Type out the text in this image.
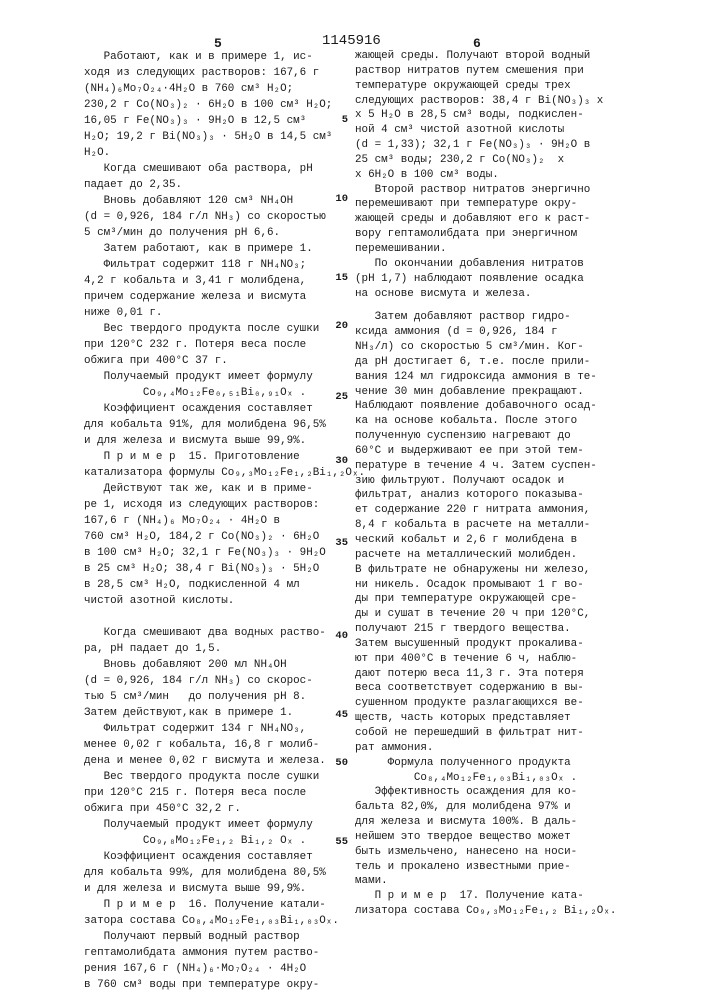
5	1145916	6
Работают, как и в примере 1, ис-
ходя из следующих растворов: 167,6 г
(NH₄)₆Mo₇O₂₄·4H₂O в 760 см³ H₂O;
230,2 г Co(NO₃)₂ · 6H₂O в 100 см³ H₂O;
16,05 г Fe(NO₃)₃ · 9H₂O в 12,5 см³
H₂O; 19,2 г Bi(NO₃)₃ · 5H₂O в 14,5 см³
H₂O.
Когда смешивают оба раствора, pH
падает до 2,35.
Вновь добавляют 120 см³ NH₄OH
(d = 0,926, 184 г/л NH₃) со скоростью
5 см³/мин до получения pH 6,6.
Затем работают, как в примере 1.
Фильтрат содержит 118 г NH₄NO₃;
4,2 г кобальта и 3,41 г молибдена,
причем содержание железа и висмута
ниже 0,01 г.
Вес твердого продукта после сушки
при 120°C 232 г. Потеря веса после
обжига при 400°C 37 г.
Получаемый продукт имеет формулу
Co₉,₄Mo₁₂Fe₀,₅₁Bi₀,₉₁Oₓ .
Коэффициент осаждения составляет
для кобальта 91%, для молибдена 96,5%
и для железа и висмута выше 99,9%.
П р и м е р  15. Приготовление
катализатора формулы Co₉,₃Mo₁₂Fe₁,₂Bi₁,₂Oₓ.
Действуют так же, как и в приме-
ре 1, исходя из следующих растворов:
167,6 г (NH₄)₆ Mo₇O₂₄ · 4H₂O в
760 см³ H₂O, 184,2 г Co(NO₃)₂ · 6H₂O
в 100 см³ H₂O; 32,1 г Fe(NO₃)₃ · 9H₂O
в 25 см³ H₂O; 38,4 г Bi(NO₃)₃ · 5H₂O
в 28,5 см³ H₂O, подкисленной 4 мл
чистой азотной кислоты.
Когда смешивают два водных раство-
ра, pH падает до 1,5.
Вновь добавляют 200 мл NH₄OH
(d = 0,926, 184 г/л NH₃) со скорос-
тью 5 см³/мин   до получения pH 8.
Затем действуют,как в примере 1.
Фильтрат содержит 134 г NH₄NO₃,
менее 0,02 г кобальта, 16,8 г молиб-
дена и менее 0,02 г висмута и железа.
Вес твердого продукта после сушки
при 120°C 215 г. Потеря веса после
обжига при 450°C 32,2 г.
Получаемый продукт имеет формулу
Co₉,₈Mo₁₂Fe₁,₂ Bi₁,₂ Oₓ .
Коэффициент осаждения составляет
для кобальта 99%, для молибдена 80,5%
и для железа и висмута выше 99,9%.
П р и м е р  16. Получение катали-
затора состава Co₈,₄Mo₁₂Fe₁,₀₃Bi₁,₀₃Oₓ.
Получают первый водный раствор
гептамолибдата аммония путем раство-
рения 167,6 г (NH₄)₆·Mo₇O₂₄ · 4H₂O
в 760 см³ воды при температуре окру-
жающей среды. Получают второй водный
раствор нитратов путем смешения при
температуре окружающей среды трех
следующих растворов: 38,4 г Bi(NO₃)₃ x
x 5 H₂O в 28,5 см³ воды, подкислен-
ной 4 см³ чистой азотной кислоты
(d = 1,33); 32,1 г Fe(NO₃)₃ · 9H₂O в
25 см³ воды; 230,2 г Co(NO₃)₂  x
x 6H₂O в 100 см³ воды.
Второй раствор нитратов энергично
перемешивают при температуре окру-
жающей среды и добавляют его к раст-
вору гептамолибдата при энергичном
перемешивании.
По окончании добавления нитратов
(pH 1,7) наблюдают появление осадка
на основе висмута и железа.
Затем добавляют раствор гидро-
ксида аммония (d = 0,926, 184 г
NH₃/л) со скоростью 5 см³/мин. Ког-
да pH достигает 6, т.е. после прили-
вания 124 мл гидроксида аммония в те-
чение 30 мин добавление прекращают.
Наблюдают появление добавочного осад-
ка на основе кобальта. После этого
полученную суспензию нагревают до
60°C и выдерживают ее при этой тем-
пературе в течение 4 ч. Затем суспен-
зию фильтруют. Получают осадок и
фильтрат, анализ которого показыва-
ет содержание 220 г нитрата аммония,
8,4 г кобальта в расчете на металли-
ческий кобальт и 2,6 г молибдена в
расчете на металлический молибден.
В фильтрате не обнаружены ни железо,
ни никель. Осадок промывают 1 г во-
ды при температуре окружающей сре-
ды и сушат в течение 20 ч при 120°C,
получают 215 г твердого вещества.
Затем высушенный продукт прокалива-
ют при 400°C в течение 6 ч, наблю-
дают потерю веса 11,3 г. Эта потеря
веса соответствует содержанию в вы-
сушенном продукте разлагающихся ве-
ществ, часть которых представляет
собой не перешедший в фильтрат нит-
рат аммония.
Формула полученного продукта
Co₈,₄Mo₁₂Fe₁,₀₃Bi₁,₀₃Oₓ .
Эффективность осаждения для ко-
бальта 82,0%, для молибдена 97% и
для железа и висмута 100%. В даль-
нейшем это твердое вещество может
быть измельчено, нанесено на носи-
тель и прокалено известными прие-
мами.
П р и м е р  17. Получение ката-
лизатора состава Co₉,₃Mo₁₂Fe₁,₂ Bi₁,₂Oₓ.
5
10
15
20
25
30
35
40
45
50
55
